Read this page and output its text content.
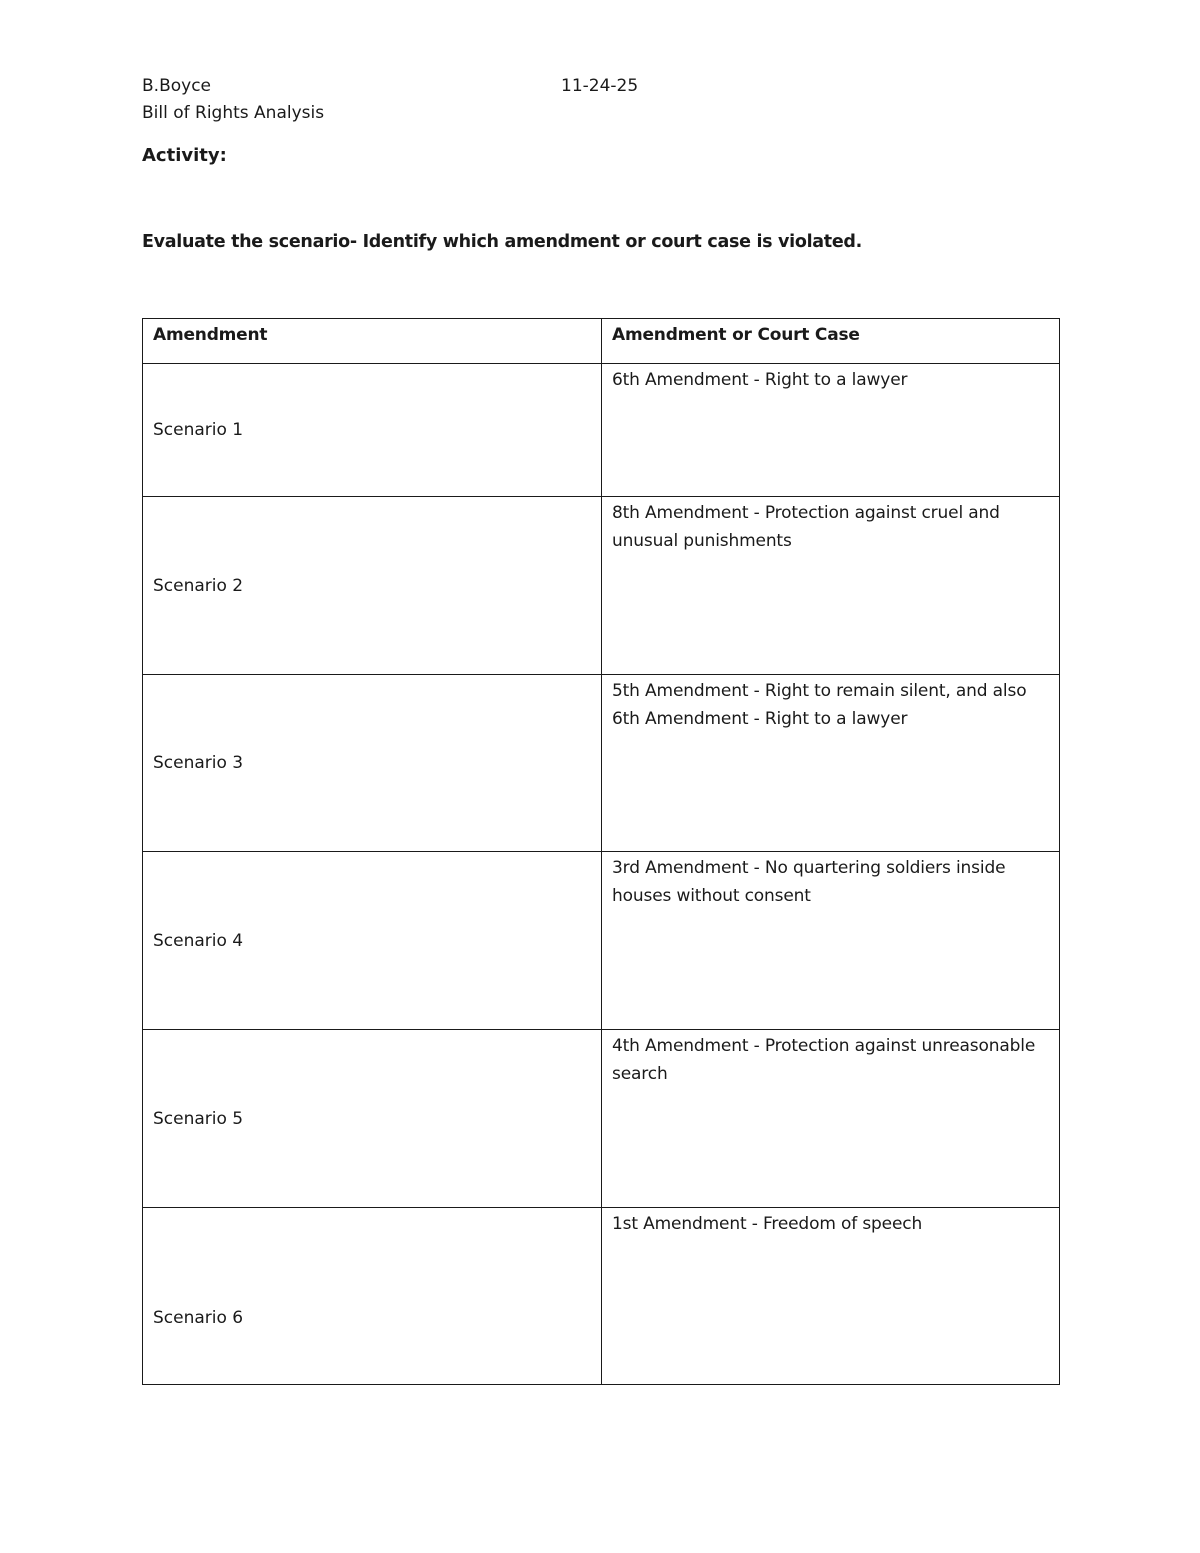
B.Boyce	11-24-25
Bill of Rights Analysis
Activity:
Evaluate the scenario- Identify which amendment or court case is violated.
Amendment	Amendment or Court Case
Scenario 1	6th Amendment - Right to a lawyer
Scenario 2	8th Amendment - Protection against cruel and unusual punishments
Scenario 3	5th Amendment - Right to remain silent, and also 6th Amendment - Right to a lawyer
Scenario 4	3rd Amendment - No quartering soldiers inside houses without consent
Scenario 5	4th Amendment - Protection against unreasonable search
Scenario 6	1st Amendment - Freedom of speech
